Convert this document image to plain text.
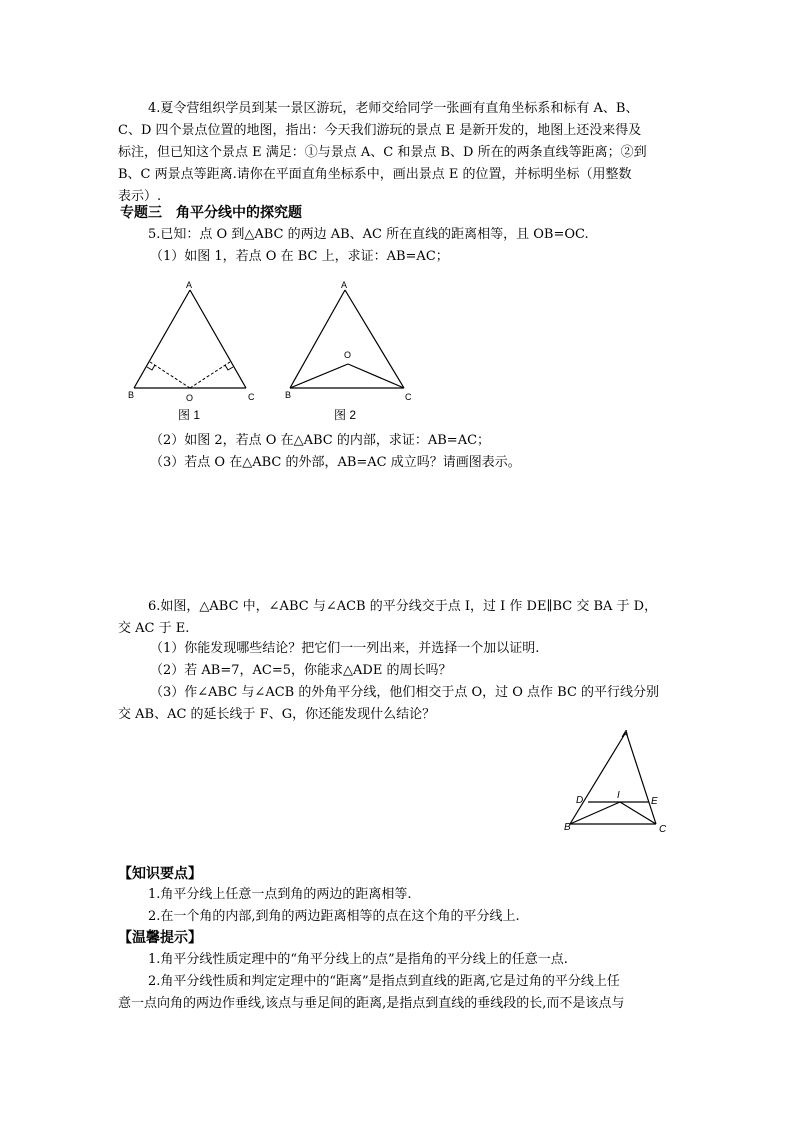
4.夏令营组织学员到某一景区游玩，老师交给同学一张画有直角坐标系和标有 A、B、
C、D 四个景点位置的地图，指出：今天我们游玩的景点 E 是新开发的，地图上还没来得及
标注，但已知这个景点 E 满足：①与景点 A、C 和景点 B、D 所在的两条直线等距离；②到
B、C 两景点等距离.请你在平面直角坐标系中，画出景点 E 的位置，并标明坐标（用整数
表示）.
专题三　角平分线中的探究题
5.已知：点 O 到△ABC 的两边 AB、AC 所在直线的距离相等，且 OB=OC.
（1）如图 1，若点 O 在 BC 上，求证：AB=AC；
A
B	C
O
图 1
A
B	C
O
图 2
（2）如图 2，若点 O 在△ABC 的内部，求证：AB=AC；
（3）若点 O 在△ABC 的外部，AB=AC 成立吗？请画图表示。
6.如图，△ABC 中，∠ABC 与∠ACB 的平分线交于点 I，过 I 作 DE∥BC 交 BA 于 D，
交 AC 于 E.
（1）你能发现哪些结论？把它们一一列出来，并选择一个加以证明.
（2）若 AB=7，AC=5，你能求△ADE 的周长吗？
（3）作∠ABC 与∠ACB 的外角平分线，他们相交于点 O，过 O 点作 BC 的平行线分别
交 AB、AC 的延长线于 F、G，你还能发现什么结论？
A
B	C
D	E
I
【知识要点】
1.角平分线上任意一点到角的两边的距离相等.
2.在一个角的内部,到角的两边距离相等的点在这个角的平分线上.
【温馨提示】
1.角平分线性质定理中的“角平分线上的点”是指角的平分线上的任意一点.
2.角平分线性质和判定定理中的“距离”是指点到直线的距离,它是过角的平分线上任
意一点向角的两边作垂线,该点与垂足间的距离,是指点到直线的垂线段的长,而不是该点与
